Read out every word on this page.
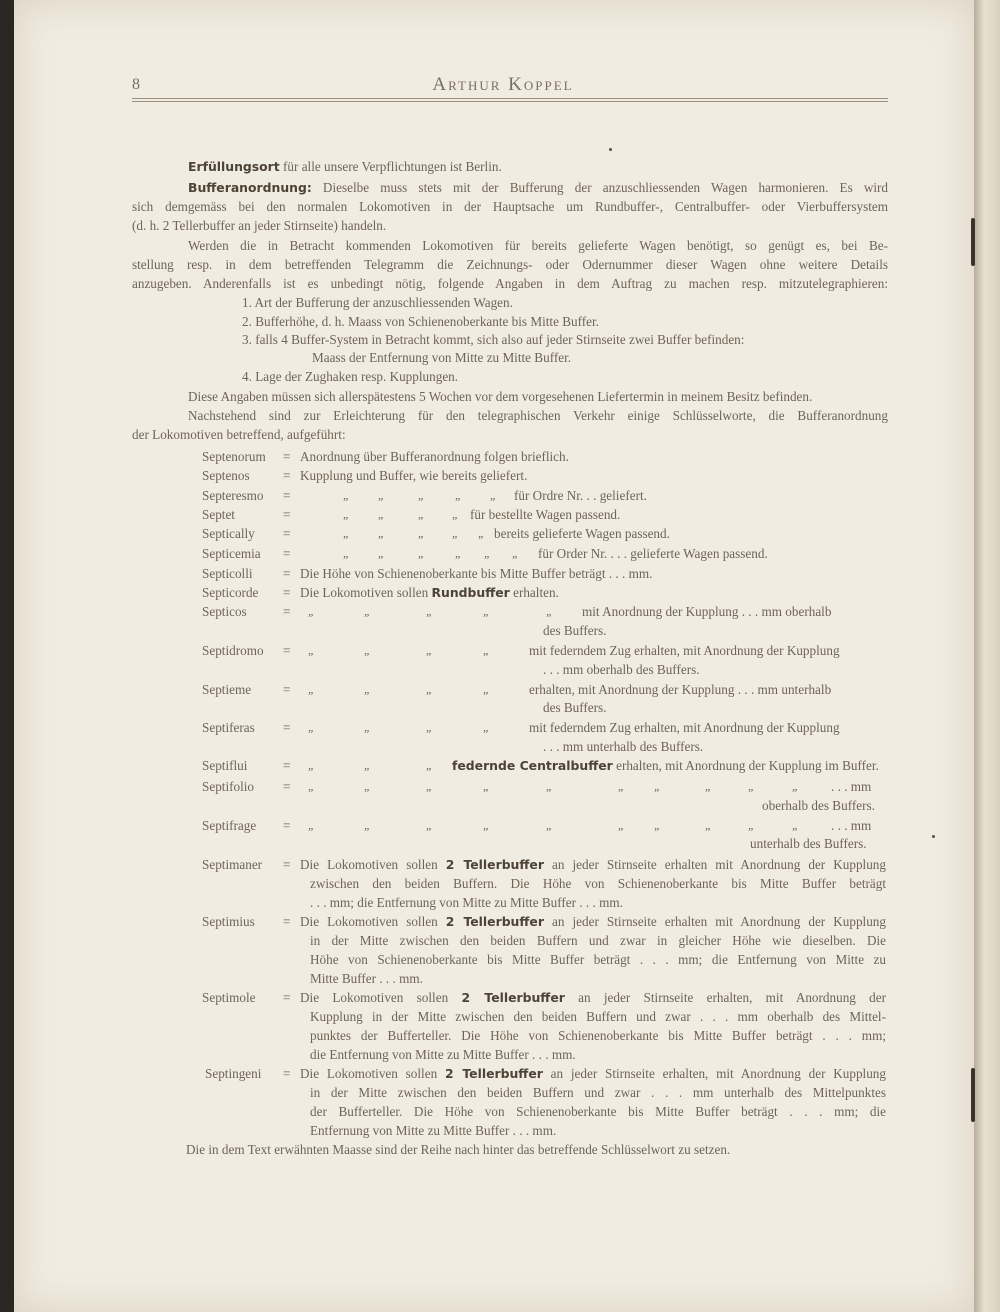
8	Arthur Koppel
Erfüllungsort für alle unsere Verpflichtungen ist Berlin.
Bufferanordnung: Dieselbe muss stets mit der Bufferung der anzuschliessenden Wagen harmonieren. Es wird
sich demgemäss bei den normalen Lokomotiven in der Hauptsache um Rundbuffer-, Centralbuffer- oder Vierbuffersystem
(d. h. 2 Tellerbuffer an jeder Stirnseite) handeln.
Werden die in Betracht kommenden Lokomotiven für bereits gelieferte Wagen benötigt, so genügt es, bei Be-
stellung resp. in dem betreffenden Telegramm die Zeichnungs- oder Odernummer dieser Wagen ohne weitere Details
anzugeben. Anderenfalls ist es unbedingt nötig, folgende Angaben in dem Auftrag zu machen resp. mitzutelegraphieren:
1. Art der Bufferung der anzuschliessenden Wagen.
2. Bufferhöhe, d. h. Maass von Schienenoberkante bis Mitte Buffer.
3. falls 4 Buffer-System in Betracht kommt, sich also auf jeder Stirnseite zwei Buffer befinden:
Maass der Entfernung von Mitte zu Mitte Buffer.
4. Lage der Zughaken resp. Kupplungen.
Diese Angaben müssen sich allerspätestens 5 Wochen vor dem vorgesehenen Liefertermin in meinem Besitz befinden.
Nachstehend sind zur Erleichterung für den telegraphischen Verkehr einige Schlüsselworte, die Bufferanordnung
der Lokomotiven betreffend, aufgeführt:
Septenorum = Anordnung über Bufferanordnung folgen brieflich.
Septenos	= Kupplung und Buffer, wie bereits geliefert.
Septeresmo =	„ „	„	„ „ für Ordre Nr. . . geliefert.
Septet	=	„ „	„ „ für bestellte Wagen passend.
Septically =	„ „	„ „ „ bereits gelieferte Wagen passend.
Septicemia =	„ „	„	„ „ „ für Order Nr. . . . gelieferte Wagen passend.
Septicolli = Die Höhe von Schienenoberkante bis Mitte Buffer beträgt . . . mm.
Septicorde = Die Lokomotiven sollen Rundbuffer erhalten.
Septicos	= „	„	„	„	„ mit Anordnung der Kupplung . . . mm oberhalb
des Buffers.
Septidromo = „	„	„	„	mit federndem Zug erhalten, mit Anordnung der Kupplung
. . . mm oberhalb des Buffers.
Septieme = „	„	„	„	erhalten, mit Anordnung der Kupplung . . . mm unterhalb
des Buffers.
Septiferas = „	„	„	„	mit federndem Zug erhalten, mit Anordnung der Kupplung
. . . mm unterhalb des Buffers.
Septiflui	= „	„	„ federnde Centralbuffer erhalten, mit Anordnung der Kupplung im Buffer.
Septifolio = „	„	„	„	„	„ „	„	„	„ . . . mm
oberhalb des Buffers.
Septifrage = „	„	„	„	„	„ „	„	„	„ . . . mm
unterhalb des Buffers.
Septimaner = Die Lokomotiven sollen 2 Tellerbuffer an jeder Stirnseite erhalten mit Anordnung der Kupplung
zwischen den beiden Buffern. Die Höhe von Schienenoberkante bis Mitte Buffer beträgt
. . . mm; die Entfernung von Mitte zu Mitte Buffer . . . mm.
Septimius = Die Lokomotiven sollen 2 Tellerbuffer an jeder Stirnseite erhalten mit Anordnung der Kupplung
in der Mitte zwischen den beiden Buffern und zwar in gleicher Höhe wie dieselben. Die
Höhe von Schienenoberkante bis Mitte Buffer beträgt . . . mm; die Entfernung von Mitte zu
Mitte Buffer . . . mm.
Septimole = Die Lokomotiven sollen 2 Tellerbuffer an jeder Stirnseite erhalten, mit Anordnung der
Kupplung in der Mitte zwischen den beiden Buffern und zwar . . . mm oberhalb des Mittel-
punktes der Bufferteller. Die Höhe von Schienenoberkante bis Mitte Buffer beträgt . . . mm;
die Entfernung von Mitte zu Mitte Buffer . . . mm.
Septingeni = Die Lokomotiven sollen 2 Tellerbuffer an jeder Stirnseite erhalten, mit Anordnung der Kupplung
in der Mitte zwischen den beiden Buffern und zwar . . . mm unterhalb des Mittelpunktes
der Bufferteller. Die Höhe von Schienenoberkante bis Mitte Buffer beträgt . . . mm; die
Entfernung von Mitte zu Mitte Buffer . . . mm.
Die in dem Text erwähnten Maasse sind der Reihe nach hinter das betreffende Schlüsselwort zu setzen.
